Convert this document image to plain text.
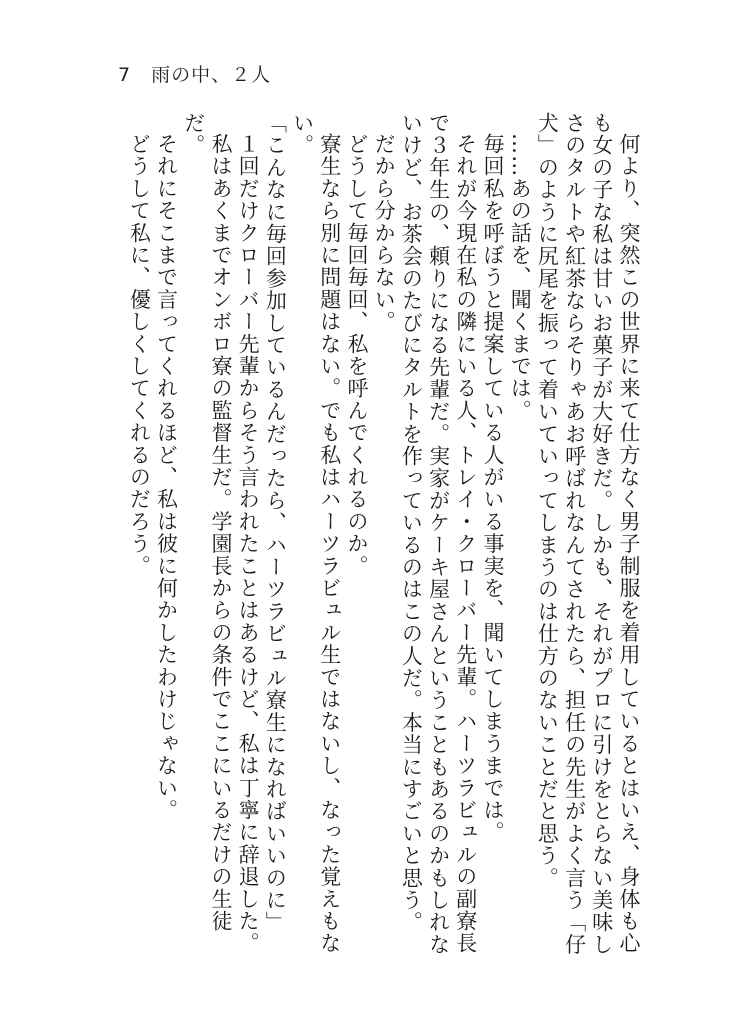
7　雨の中、２人

何より、突然この世界に来て仕方なく男子制服を着用しているとはいえ、身体も心も女の子な私は甘いお菓子が大好きだ。しかも、それがプロに引けをとらない美味しさのタルトや紅茶ならそりゃあお呼ばれなんてされたら、担任の先生がよく言う「仔犬」のように尻尾を振って着いていってしまうのは仕方のないことだと思う。

……あの話を、聞くまでは。

毎回私を呼ぼうと提案している人がいる事実を、聞いてしまうまでは。

それが今現在私の隣にいる人、トレイ・クローバー先輩。ハーツラビュルの副寮長で３年生の、頼りになる先輩だ。実家がケーキ屋さんということもあるのかもしれないけど、お茶会のたびにタルトを作っているのはこの人だ。本当にすごいと思う。

だから分からない。

どうして毎回毎回、私を呼んでくれるのか。

寮生なら別に問題はない。でも私はハーツラビュル生ではないし、なった覚えもない。

「こんなに毎回参加しているんだったら、ハーツラビュル寮生になればいいのに」

１回だけクローバー先輩からそう言われたことはあるけど、私は丁寧に辞退した。

私はあくまでオンボロ寮の監督生だ。学園長からの条件でここにいるだけの生徒だ。

それにそこまで言ってくれるほど、私は彼に何かしたわけじゃない。

どうして私に、優しくしてくれるのだろう。
